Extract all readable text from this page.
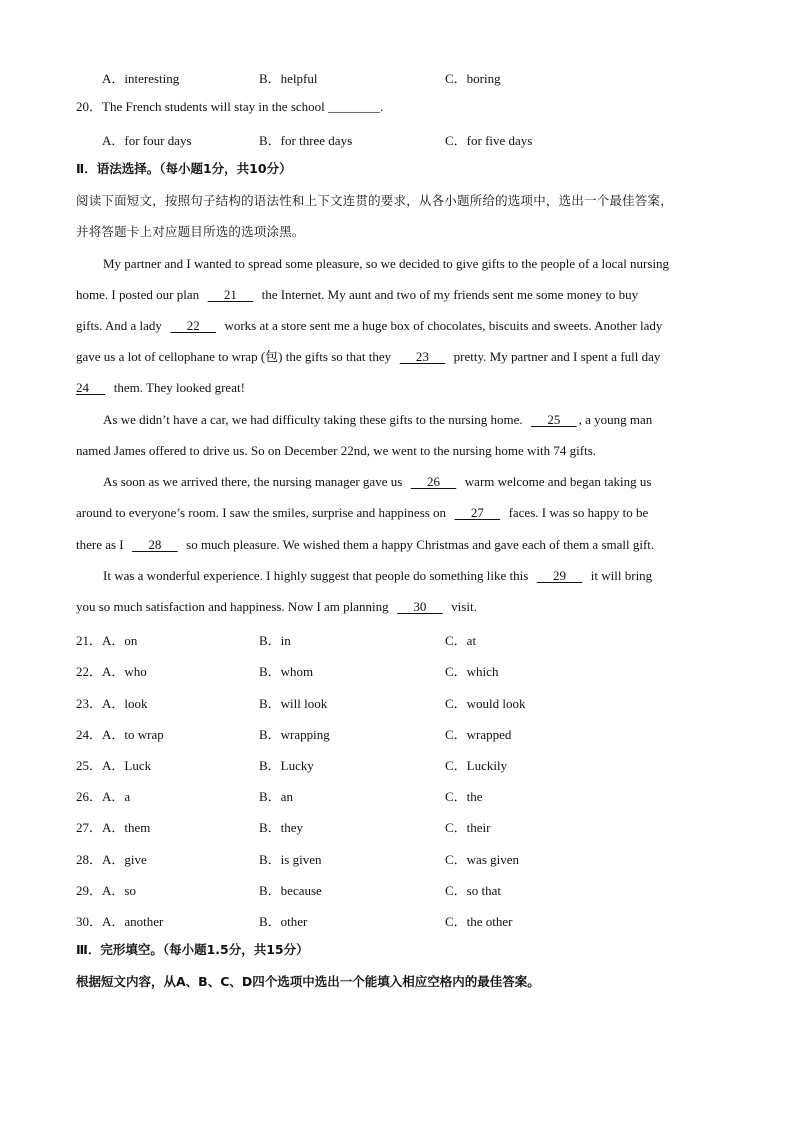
A．interesting	B．helpful	C．boring
20．The French students will stay in the school ________.
A．for four days	B．for three days	C．for five days
Ⅱ．语法选择。（每小题1分，共10分）
阅读下面短文，按照句子结构的语法性和上下文连贯的要求，从各小题所给的选项中，选出一个最佳答案，
并将答题卡上对应题目所选的选项涂黑。
My partner and I wanted to spread some pleasure, so we decided to give gifts to the people of a local nursing
home. I posted our plan       21       the Internet. My aunt and two of my friends sent me some money to buy
gifts. And a lady       22       works at a store sent me a huge box of chocolates, biscuits and sweets. Another lady
gave us a lot of cellophane to wrap (包) the gifts so that they       23       pretty. My partner and I spent a full day
24       them. They looked great!
As we didn’t have a car, we had difficulty taking these gifts to the nursing home.       25     , a young man
named James offered to drive us. So on December 22nd, we went to the nursing home with 74 gifts.
As soon as we arrived there, the nursing manager gave us       26       warm welcome and began taking us
around to everyone’s room. I saw the smiles, surprise and happiness on       27       faces. I was so happy to be
there as I       28       so much pleasure. We wished them a happy Christmas and gave each of them a small gift.
It was a wonderful experience. I highly suggest that people do something like this       29       it will bring
you so much satisfaction and happiness. Now I am planning       30       visit.
21．A．on	B．in	C．at
22．A．who	B．whom	C．which
23．A．look	B．will look	C．would look
24．A．to wrap	B．wrapping	C．wrapped
25．A．Luck	B．Lucky	C．Luckily
26．A．a	B．an	C．the
27．A．them	B．they	C．their
28．A．give	B．is given	C．was given
29．A．so	B．because	C．so that
30．A．another	B．other	C．the other
Ⅲ．完形填空。（每小题1.5分，共15分）
根据短文内容，从A、B、C、D四个选项中选出一个能填入相应空格内的最佳答案。
